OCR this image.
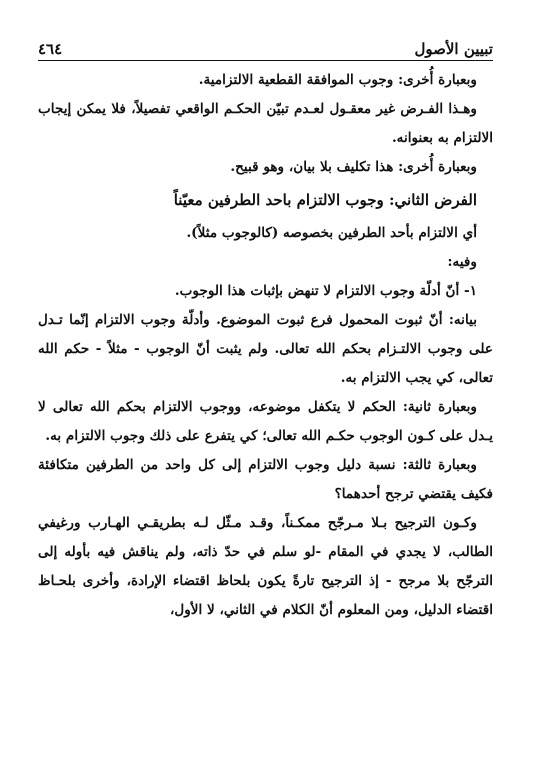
تبيين الأصول
٤٦٤

وبعبارة أُخرى: وجوب الموافقة القطعية الالتزامية.

وهـذا الفـرض غير معقـول لعـدم تبيّن الحكـم الواقعي تفصيلاً، فلا يمكن إيجاب الالتزام به بعنوانه.

وبعبارة أُخرى: هذا تكليف بلا بيان، وهو قبيح.

الفرض الثاني: وجوب الالتزام باحد الطرفين معيّناً

أي الالتزام بأحد الطرفين بخصوصه (كالوجوب مثلاً).

وفيه:

١- أنّ أدلّة وجوب الالتزام لا تنهض بإثبات هذا الوجوب.

بيانه: أنّ ثبوت المحمول فرع ثبوت الموضوع. وأدلّة وجوب الالتزام إنّما تـدل على وجوب الالتـزام بحكم الله تعالى. ولم يثبت أنّ الوجوب - مثلاً - حكم الله تعالى، كي يجب الالتزام به.

وبعبارة ثانية: الحكم لا يتكفل موضوعه، ووجوب الالتزام بحكم الله تعالى لا يـدل على كـون الوجوب حكـم الله تعالى؛ كي يتفرع على ذلك وجوب الالتزام به.

وبعبارة ثالثة: نسبة دليل وجوب الالتزام إلى كل واحد من الطرفين متكافئة فكيف يقتضي ترجح أحدهما؟

وكـون الترجيح بـلا مـرجّح ممكـناً، وقـد مـثّل لـه بطريقـي الهـارب ورغيفي الطالب، لا يجدي في المقام -لو سلم في حدّ ذاته، ولم يناقش فيه بأوله إلى الترجّح بلا مرجح - إذ الترجيح تارةً يكون بلحاظ اقتضاء الإرادة، وأخرى بلحـاظ اقتضاء الدليل، ومن المعلوم أنّ الكلام في الثاني، لا الأول،
